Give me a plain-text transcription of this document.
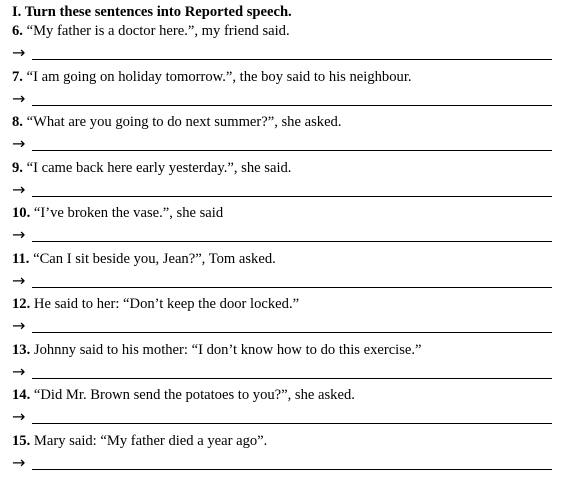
I. Turn these sentences into Reported speech.
6. “My father is a doctor here.”, my friend said.
→
7. “I am going on holiday tomorrow.”, the boy said to his neighbour.
→
8. “What are you going to do next summer?”, she asked.
→
9. “I came back here early yesterday.”, she said.
→
10. “I’ve broken the vase.”, she said
→
11. “Can I sit beside you, Jean?”, Tom asked.
→
12. He said to her: “Don’t keep the door locked.”
→
13. Johnny said to his mother: “I don’t know how to do this exercise.”
→
14. “Did Mr. Brown send the potatoes to you?”, she asked.
→
15. Mary said: “My father died a year ago”.
→
